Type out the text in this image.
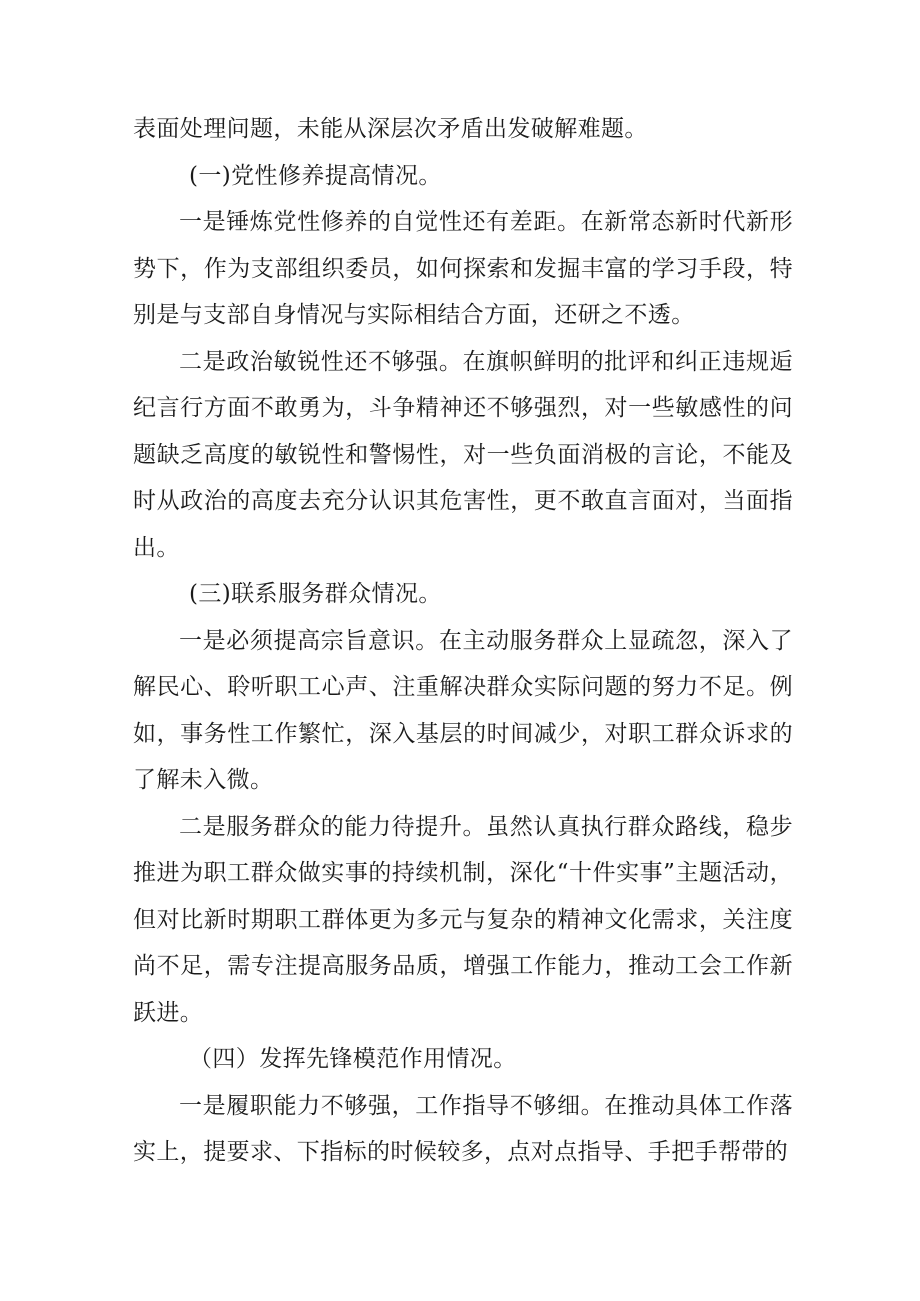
表面处理问题，未能从深层次矛盾出发破解难题。

(一)党性修养提高情况。

一是锤炼党性修养的自觉性还有差距。在新常态新时代新形势下，作为支部组织委员，如何探索和发掘丰富的学习手段，特别是与支部自身情况与实际相结合方面，还研之不透。

二是政治敏锐性还不够强。在旗帜鲜明的批评和纠正违规逅纪言行方面不敢勇为，斗争精神还不够强烈，对一些敏感性的问题缺乏高度的敏锐性和警惕性，对一些负面消极的言论，不能及时从政治的高度去充分认识其危害性，更不敢直言面对，当面指出。

(三)联系服务群众情况。

一是必须提高宗旨意识。在主动服务群众上显疏忽，深入了解民心、聆听职工心声、注重解决群众实际问题的努力不足。例如，事务性工作繁忙，深入基层的时间减少，对职工群众诉求的了解未入微。

二是服务群众的能力待提升。虽然认真执行群众路线，稳步推进为职工群众做实事的持续机制，深化“十件实事”主题活动，但对比新时期职工群体更为多元与复杂的精神文化需求，关注度尚不足，需专注提高服务品质，增强工作能力，推动工会工作新跃进。

（四）发挥先锋模范作用情况。

一是履职能力不够强，工作指导不够细。在推动具体工作落实上，提要求、下指标的时候较多，点对点指导、手把手帮带的
